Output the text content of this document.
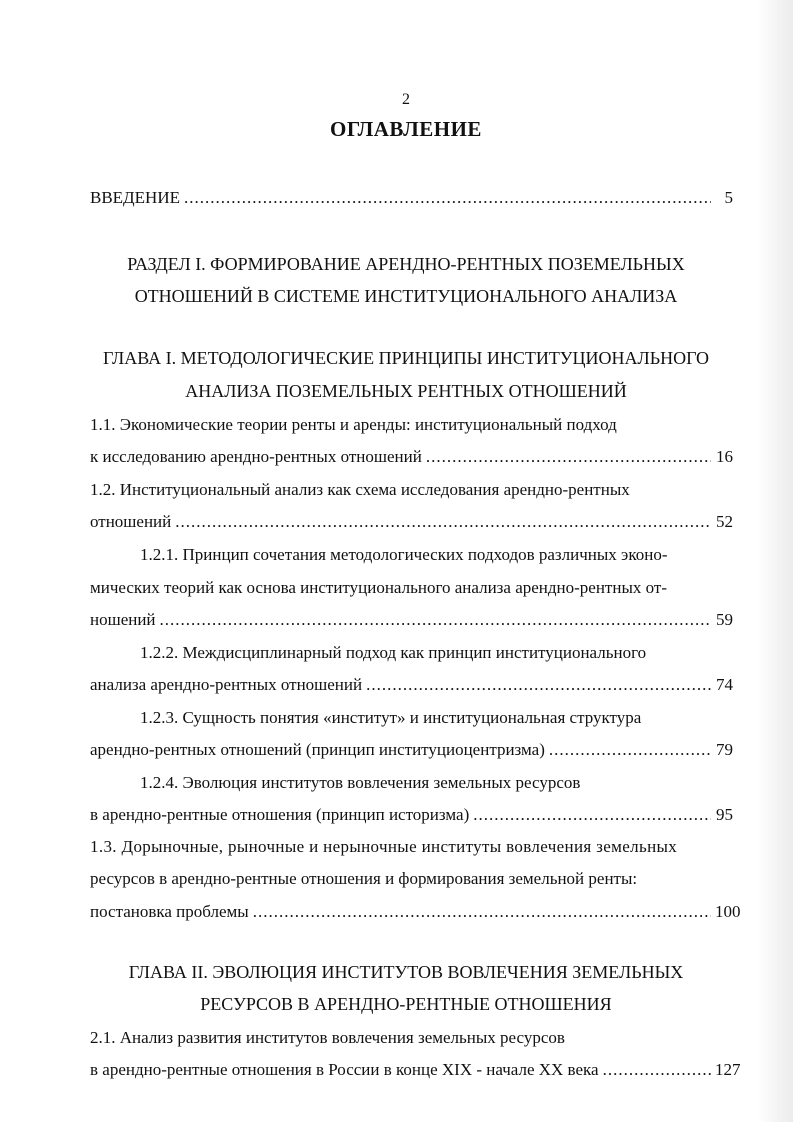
2
ОГЛАВЛЕНИЕ
ВВЕДЕНИЕ .....	5
РАЗДЕЛ I. ФОРМИРОВАНИЕ АРЕНДНО-РЕНТНЫХ ПОЗЕМЕЛЬНЫХ
ОТНОШЕНИЙ В СИСТЕМЕ ИНСТИТУЦИОНАЛЬНОГО АНАЛИЗА
ГЛАВА I. МЕТОДОЛОГИЧЕСКИЕ ПРИНЦИПЫ ИНСТИТУЦИОНАЛЬНОГО
АНАЛИЗА ПОЗЕМЕЛЬНЫХ РЕНТНЫХ ОТНОШЕНИЙ
1.1. Экономические теории ренты и аренды: институциональный подход
к исследованию арендно-рентных отношений .....	16
1.2. Институциональный анализ как схема исследования арендно-рентных
отношений .....	52
1.2.1. Принцип сочетания методологических подходов различных эконо-
мических теорий как основа институционального анализа арендно-рентных от-
ношений .....	59
1.2.2. Междисциплинарный подход как принцип институционального
анализа арендно-рентных отношений .....	74
1.2.3. Сущность понятия «институт» и институциональная структура
арендно-рентных отношений (принцип институциоцентризма) .....	79
1.2.4. Эволюция институтов вовлечения земельных ресурсов
в арендно-рентные отношения (принцип историзма) .....	95
1.3. Дорыночные, рыночные и нерыночные институты вовлечения земельных
ресурсов в арендно-рентные отношения и формирования земельной ренты:
постановка проблемы .....	100
ГЛАВА II. ЭВОЛЮЦИЯ ИНСТИТУТОВ ВОВЛЕЧЕНИЯ ЗЕМЕЛЬНЫХ
РЕСУРСОВ В АРЕНДНО-РЕНТНЫЕ ОТНОШЕНИЯ
2.1. Анализ развития институтов вовлечения земельных ресурсов
в арендно-рентные отношения в России в конце XIX - начале XX века .....	127
